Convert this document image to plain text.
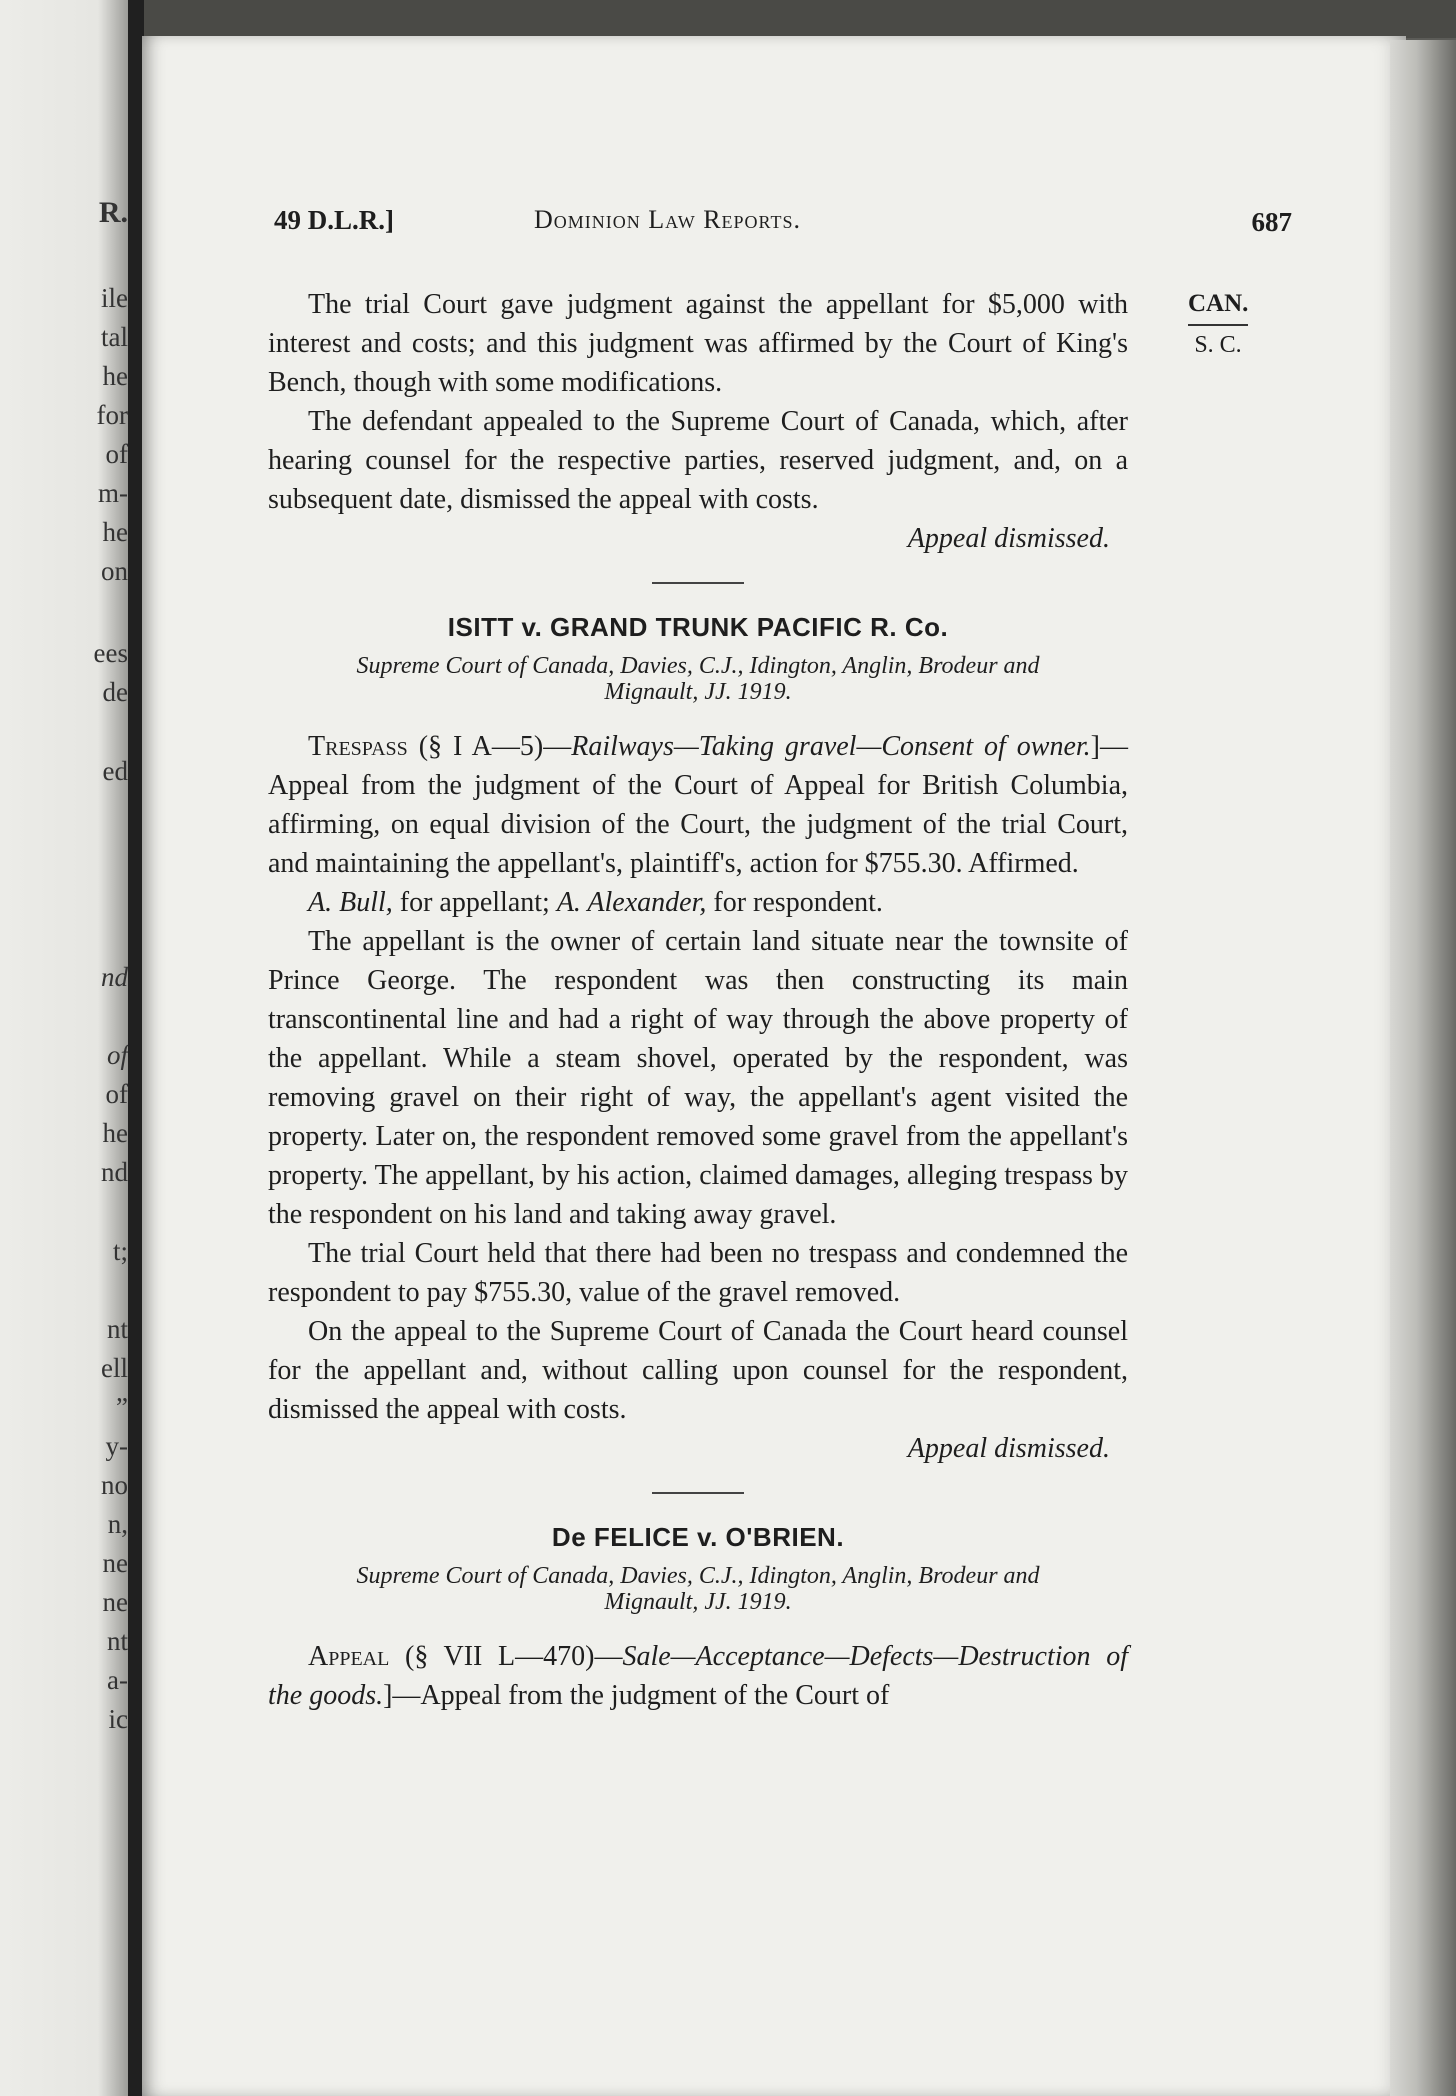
R.
ile
tal
he
for
of
m-
he
on
ees
de
ed
nd
of
of
he
nd
t;
nt
ell
”
y-
no
n,
ne
ne
nt
a-
ic
49 D.L.R.]	Dominion Law Reports.	687
CAN.
S. C.

The trial Court gave judgment against the appellant for $5,000 with interest and costs; and this judgment was affirmed by the Court of King's Bench, though with some modifications.

The defendant appealed to the Supreme Court of Canada, which, after hearing counsel for the respective parties, reserved judgment, and, on a subsequent date, dismissed the appeal with costs.

Appeal dismissed.
ISITT v. GRAND TRUNK PACIFIC R. Co.
Supreme Court of Canada, Davies, C.J., Idington, Anglin, Brodeur and
Mignault, JJ. 1919.

Trespass (§ I A—5)—Railways—Taking gravel—Consent of owner.]—Appeal from the judgment of the Court of Appeal for British Columbia, affirming, on equal division of the Court, the judgment of the trial Court, and maintaining the appellant's, plaintiff's, action for $755.30. Affirmed.

A. Bull, for appellant; A. Alexander, for respondent.

The appellant is the owner of certain land situate near the townsite of Prince George. The respondent was then constructing its main transcontinental line and had a right of way through the above property of the appellant. While a steam shovel, operated by the respondent, was removing gravel on their right of way, the appellant's agent visited the property. Later on, the respondent removed some gravel from the appellant's property. The appellant, by his action, claimed damages, alleging trespass by the respondent on his land and taking away gravel.

The trial Court held that there had been no trespass and condemned the respondent to pay $755.30, value of the gravel removed.

On the appeal to the Supreme Court of Canada the Court heard counsel for the appellant and, without calling upon counsel for the respondent, dismissed the appeal with costs.

Appeal dismissed.
De FELICE v. O'BRIEN.
Supreme Court of Canada, Davies, C.J., Idington, Anglin, Brodeur and
Mignault, JJ. 1919.

Appeal (§ VII L—470)—Sale—Acceptance—Defects—Destruction of the goods.]—Appeal from the judgment of the Court of
